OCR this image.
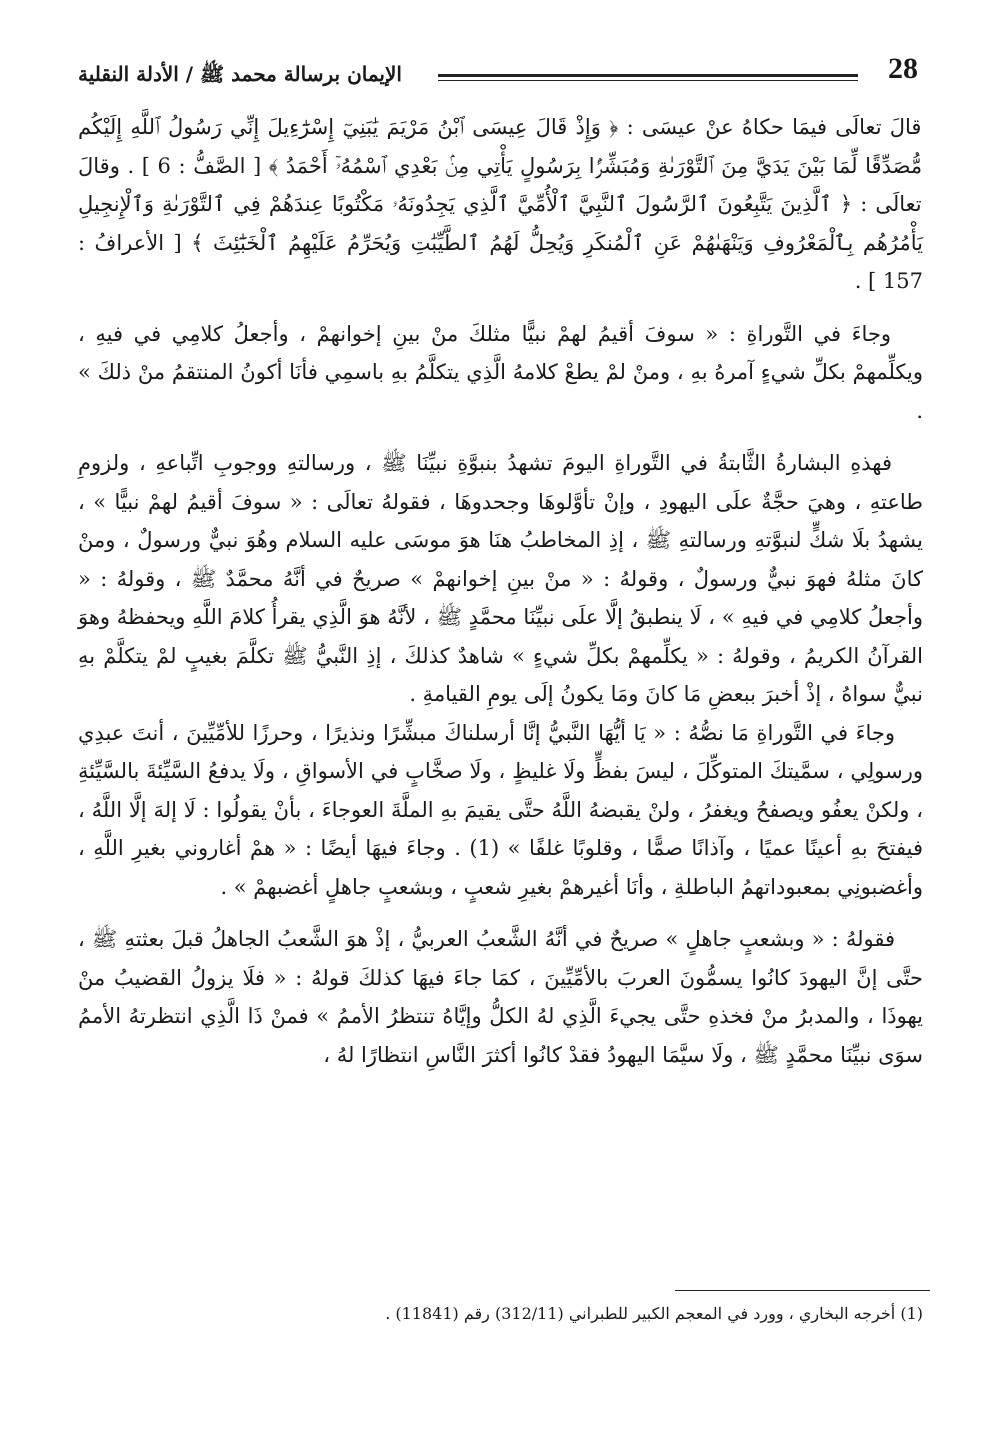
28
الإيمان برسالة محمد ﷺ / الأدلة النقلية

قالَ تعالَى فيمَا حكاهُ عنْ عيسَى : ﴿ وَإِذْ قَالَ عِيسَى ٱبْنُ مَرْيَمَ يَٰبَنِيٓ إِسْرَٰٓءِيلَ إِنِّي رَسُولُ ٱللَّهِ إِلَيْكُم مُّصَدِّقًا لِّمَا بَيْنَ يَدَيَّ مِنَ ٱلتَّوْرَىٰةِ وَمُبَشِّرًۢا بِرَسُولٍ يَأْتِي مِنۢ بَعْدِي ٱسْمُهُۥٓ أَحْمَدُ ﴾ [ الصَّفُّ : 6 ] . وقالَ تعالَى : ﴿ ٱلَّذِينَ يَتَّبِعُونَ ٱلرَّسُولَ ٱلنَّبِيَّ ٱلْأُمِّيَّ ٱلَّذِي يَجِدُونَهُۥ مَكْتُوبًا عِندَهُمْ فِي ٱلتَّوْرَىٰةِ وَٱلْإِنجِيلِ يَأْمُرُهُم بِٱلْمَعْرُوفِ وَيَنْهَىٰهُمْ عَنِ ٱلْمُنكَرِ وَيُحِلُّ لَهُمُ ٱلطَّيِّبَٰتِ وَيُحَرِّمُ عَلَيْهِمُ ٱلْخَبَٰٓئِثَ ﴾ [ الأعرافُ : 157 ] .

وجاءَ في التَّوراةِ : « سوفَ أقيمُ لهمْ نبيًّا مثلكَ منْ بينِ إخوانهمْ ، وأجعلُ كلامِي في فيهِ ، ويكلِّمهمْ بكلِّ شيءٍ آمرهُ بهِ ، ومنْ لمْ يطعْ كلامهُ الَّذِي يتكلَّمُ بهِ باسمِي فأنَا أكونُ المنتقمُ منْ ذلكَ » .

فهذهِ البشارةُ الثَّابتةُ في التَّوراةِ اليومَ تشهدُ بنبوَّةِ نبيِّنَا ﷺ ، ورسالتهِ ووجوبِ اتِّباعهِ ، ولزومِ طاعتهِ ، وهيَ حجَّةٌ علَى اليهودِ ، وإنْ تأوَّلوهَا وجحدوهَا ، فقولهُ تعالَى : « سوفَ أقيمُ لهمْ نبيًّا » ، يشهدُ بلَا شكٍّ لنبوَّتهِ ورسالتهِ ﷺ ، إذِ المخاطبُ هنَا هوَ موسَى عليه السلام وهُوَ نبيٌّ ورسولٌ ، ومنْ كانَ مثلهُ فهوَ نبيٌّ ورسولٌ ، وقولهُ : « منْ بينِ إخوانهمْ » صريحٌ في أنَّهُ محمَّدٌ ﷺ ، وقولهُ : « وأجعلُ كلامِي في فيهِ » ، لَا ينطبقُ إلَّا علَى نبيِّنَا محمَّدٍ ﷺ ، لأنَّهُ هوَ الَّذِي يقرأُ كلامَ اللَّهِ ويحفظهُ وهوَ القرآنُ الكريمُ ، وقولهُ : « يكلِّمهمْ بكلِّ شيءٍ » شاهدٌ كذلكَ ، إذِ النَّبيُّ ﷺ تكلَّمَ بغيبٍ لمْ يتكلَّمْ بهِ نبيٌّ سواهُ ، إذْ أخبرَ ببعضِ مَا كانَ ومَا يكونُ إلَى يومِ القيامةِ .

وجاءَ في التَّوراةِ مَا نصُّهُ : « يَا أيُّهَا النَّبيُّ إنَّا أرسلناكَ مبشِّرًا ونذيرًا ، وحرزًا للأمِّيِّينَ ، أنتَ عبدِي ورسولِي ، سمَّيتكَ المتوكِّلَ ، ليسَ بفظٍّ ولَا غليظٍ ، ولَا صخَّابٍ في الأسواقِ ، ولَا يدفعُ السَّيِّئةَ بالسَّيِّئةِ ، ولكنْ يعفُو ويصفحُ ويغفرُ ، ولنْ يقبضهُ اللَّهُ حتَّى يقيمَ بهِ الملَّةَ العوجاءَ ، بأنْ يقولُوا : لَا إلهَ إلَّا اللَّهُ ، فيفتحَ بهِ أعينًا عميًا ، وآذانًا صمًّا ، وقلوبًا غلفًا » (1) . وجاءَ فيهَا أيضًا : « همْ أغاروني بغيرِ اللَّهِ ، وأغضبونِي بمعبوداتهمُ الباطلةِ ، وأنَا أغيرهمْ بغيرِ شعبٍ ، وبشعبٍ جاهلٍ أغضبهمْ » .

فقولهُ : « وبشعبٍ جاهلٍ » صريحٌ في أنَّهُ الشَّعبُ العربيُّ ، إذْ هوَ الشَّعبُ الجاهلُ قبلَ بعثتهِ ﷺ ، حتَّى إنَّ اليهودَ كانُوا يسمُّونَ العربَ بالأمِّيِّينَ ، كمَا جاءَ فيهَا كذلكَ قولهُ : « فلَا يزولُ القضيبُ منْ يهوذَا ، والمدبرُ منْ فخذهِ حتَّى يجيءَ الَّذِي لهُ الكلُّ وإيَّاهُ تنتظرُ الأممُ » فمنْ ذَا الَّذِي انتظرتهُ الأممُ سوَى نبيِّنَا محمَّدٍ ﷺ ، ولَا سيَّمَا اليهودُ فقدْ كانُوا أكثرَ النَّاسِ انتظارًا لهُ ،

(1) أخرجه البخاري ، وورد في المعجم الكبير للطبراني (312/11) رقم (11841) .
